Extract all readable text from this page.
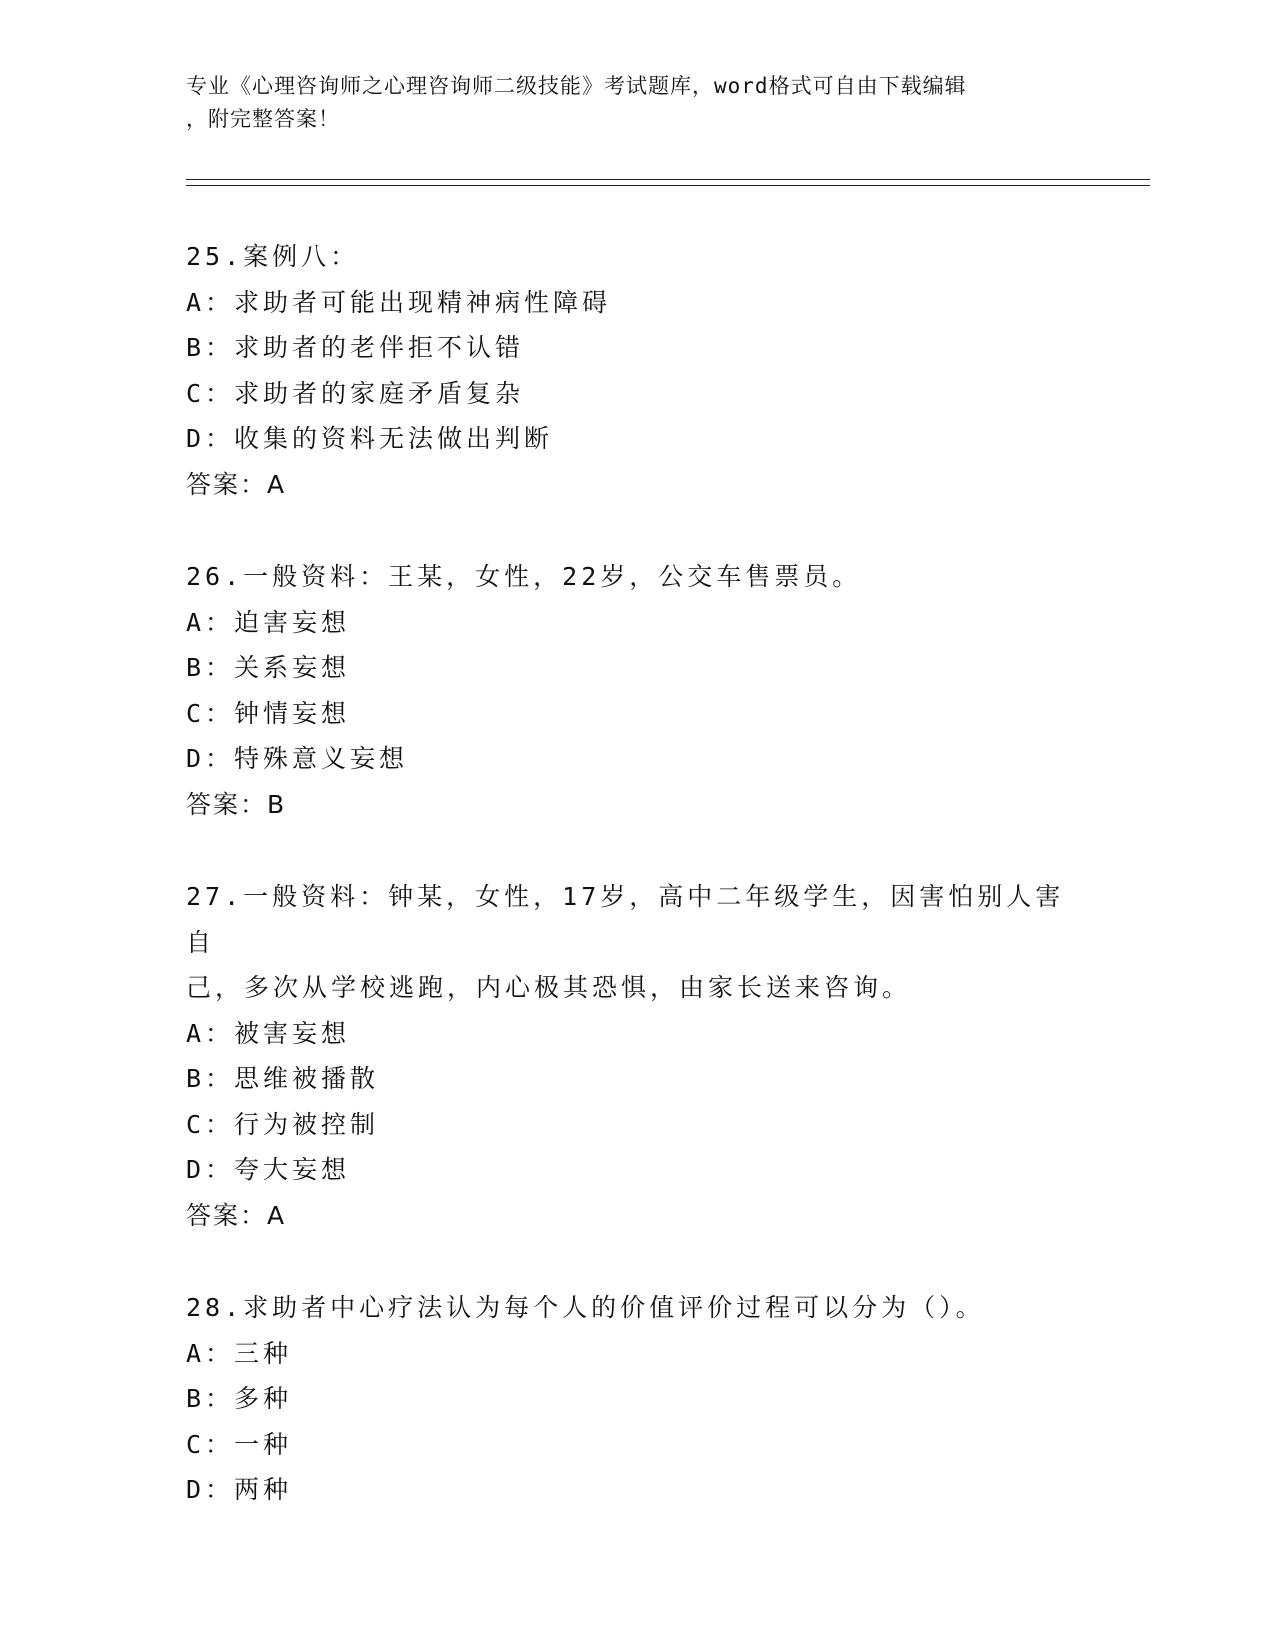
专业《心理咨询师之心理咨询师二级技能》考试题库，word格式可自由下载编辑
，附完整答案！
25.案例八：
A：求助者可能出现精神病性障碍
B：求助者的老伴拒不认错
C：求助者的家庭矛盾复杂
D：收集的资料无法做出判断
答案：A
26.一般资料：王某，女性，22岁，公交车售票员。
A：迫害妄想
B：关系妄想
C：钟情妄想
D：特殊意义妄想
答案：B
27.一般资料：钟某，女性，17岁，高中二年级学生，因害怕别人害自
己，多次从学校逃跑，内心极其恐惧，由家长送来咨询。
A：被害妄想
B：思维被播散
C：行为被控制
D：夸大妄想
答案：A
28.求助者中心疗法认为每个人的价值评价过程可以分为（）。
A：三种
B：多种
C：一种
D：两种
